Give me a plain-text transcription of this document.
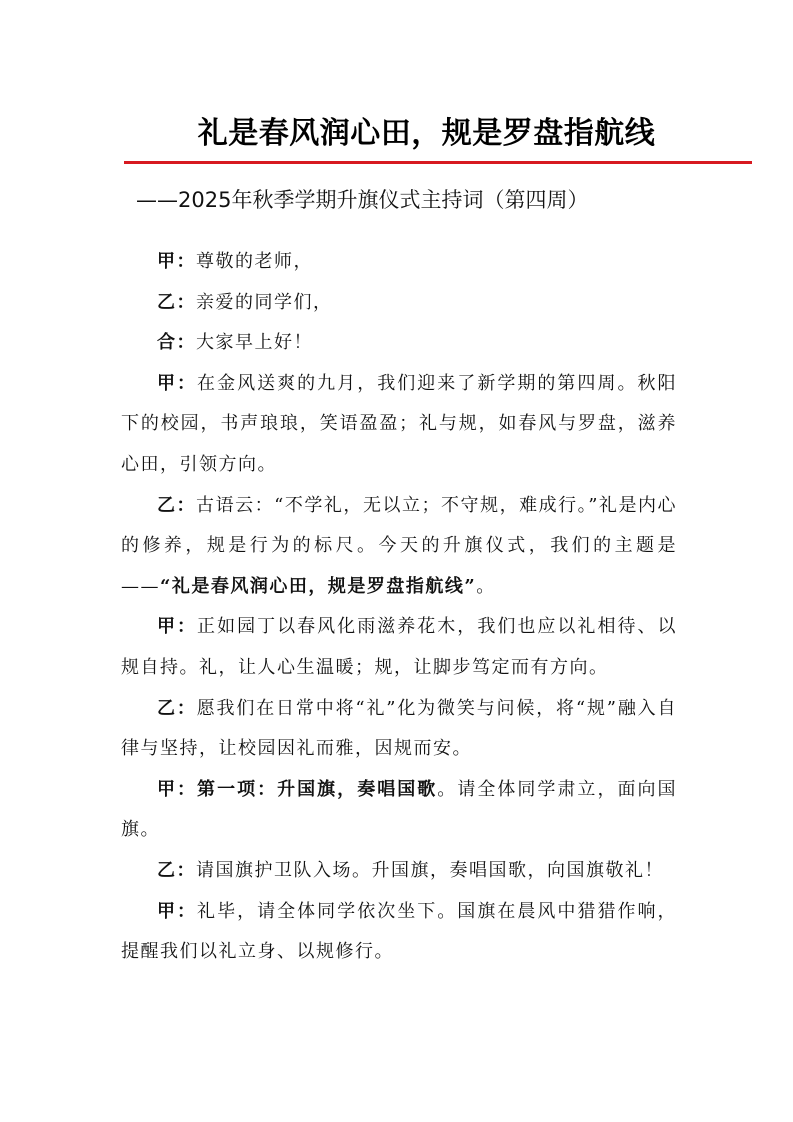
礼是春风润心田，规是罗盘指航线
——2025年秋季学期升旗仪式主持词（第四周）

甲：尊敬的老师，

乙：亲爱的同学们，

合：大家早上好！

甲：在金风送爽的九月，我们迎来了新学期的第四周。秋阳下的校园，书声琅琅，笑语盈盈；礼与规，如春风与罗盘，滋养心田，引领方向。

乙：古语云：“不学礼，无以立；不守规，难成行。”礼是内心的修养，规是行为的标尺。今天的升旗仪式，我们的主题是——“礼是春风润心田，规是罗盘指航线”。

甲：正如园丁以春风化雨滋养花木，我们也应以礼相待、以规自持。礼，让人心生温暖；规，让脚步笃定而有方向。

乙：愿我们在日常中将“礼”化为微笑与问候，将“规”融入自律与坚持，让校园因礼而雅，因规而安。

甲：第一项：升国旗，奏唱国歌。请全体同学肃立，面向国旗。

乙：请国旗护卫队入场。升国旗，奏唱国歌，向国旗敬礼！

甲：礼毕，请全体同学依次坐下。国旗在晨风中猎猎作响，提醒我们以礼立身、以规修行。
